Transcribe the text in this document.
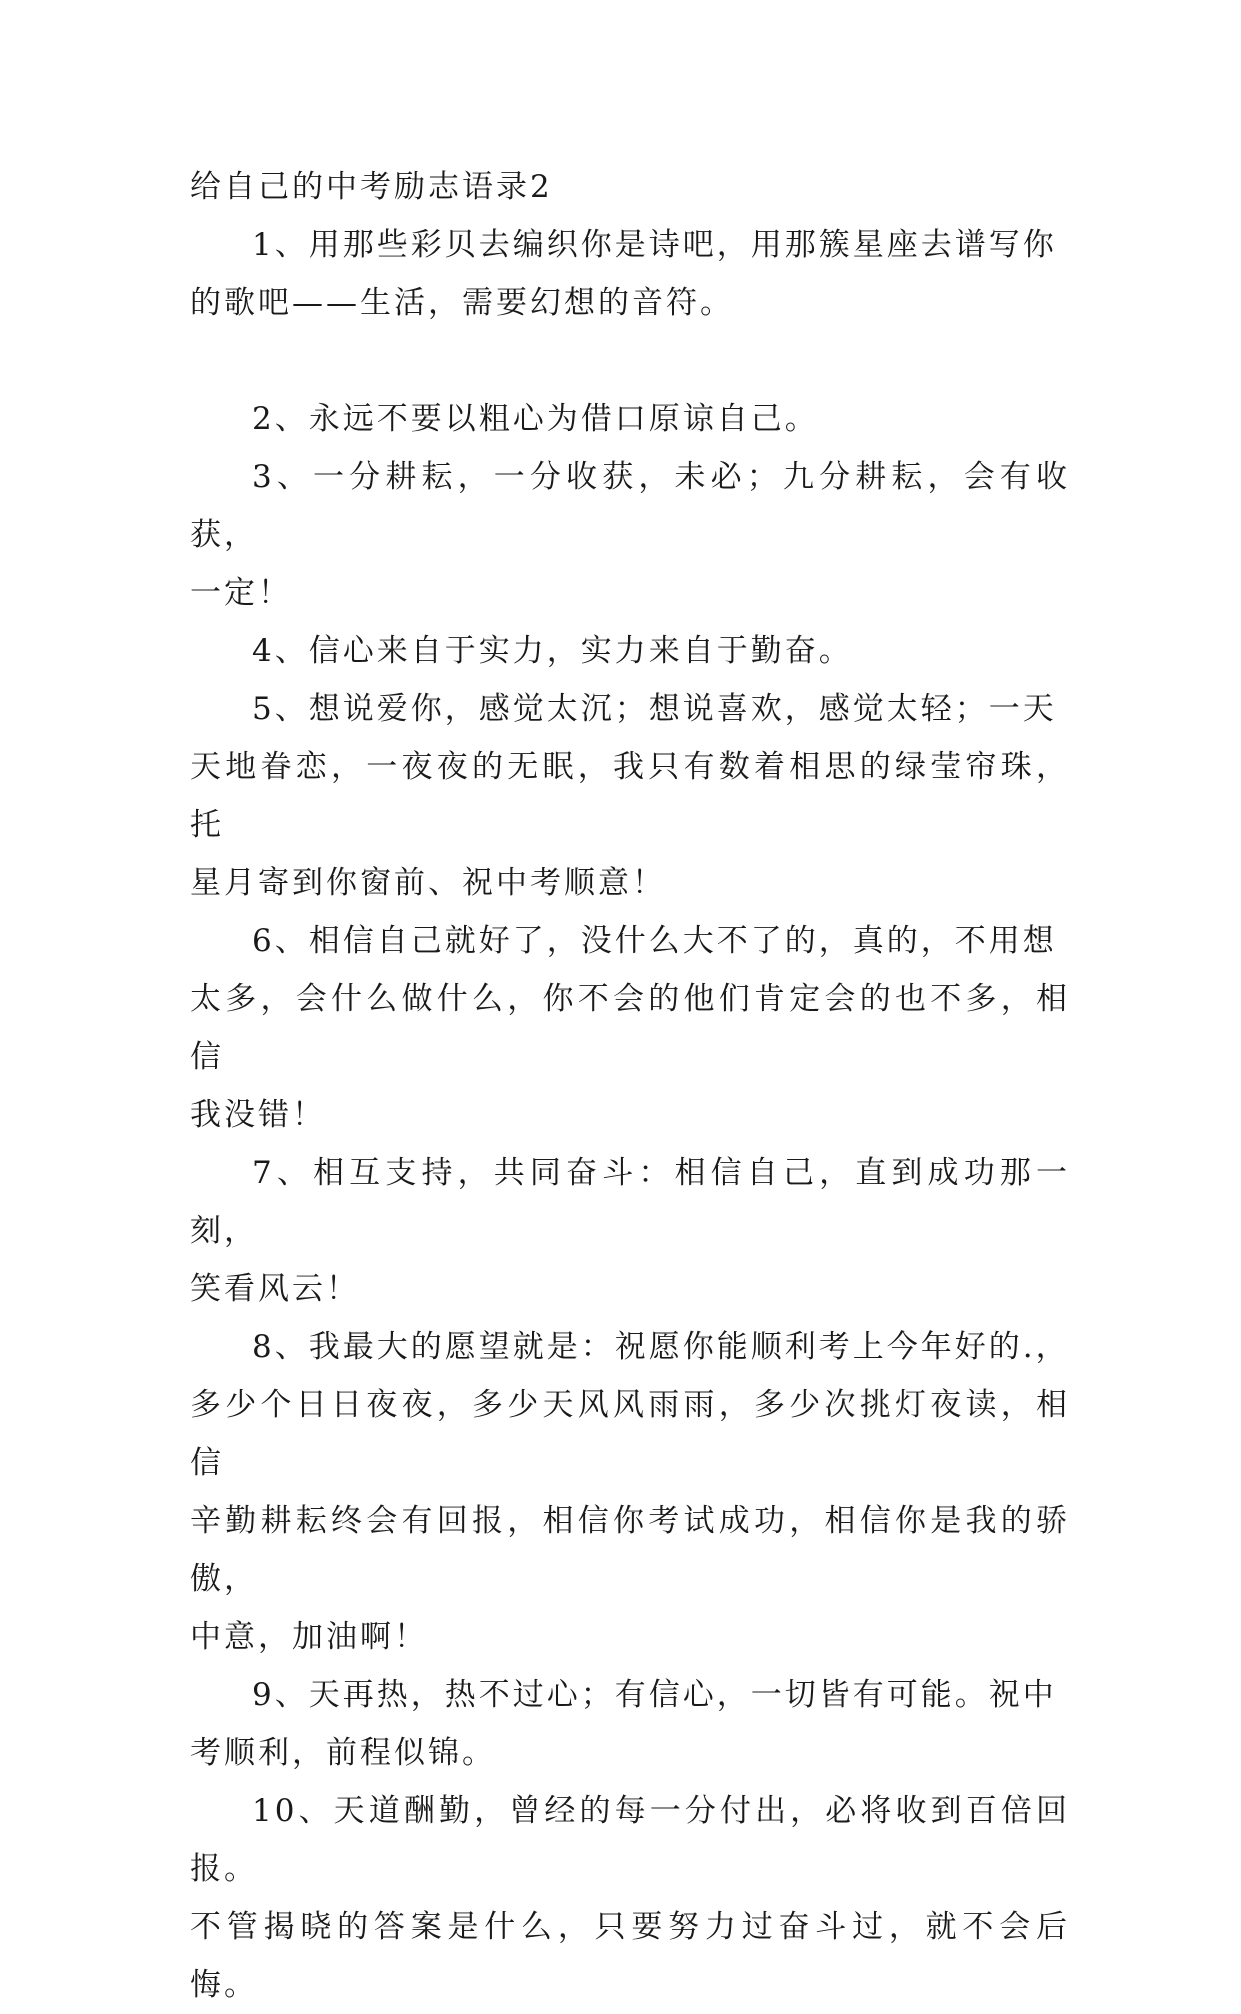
给自己的中考励志语录2

1、用那些彩贝去编织你是诗吧，用那簇星座去谱写你
的歌吧——生活，需要幻想的音符。

2、永远不要以粗心为借口原谅自己。

3、一分耕耘，一分收获，未必；九分耕耘，会有收获，
一定！

4、信心来自于实力，实力来自于勤奋。

5、想说爱你，感觉太沉；想说喜欢，感觉太轻；一天
天地眷恋，一夜夜的无眠，我只有数着相思的绿莹帘珠，托
星月寄到你窗前、祝中考顺意！

6、相信自己就好了，没什么大不了的，真的，不用想
太多，会什么做什么，你不会的他们肯定会的也不多，相信
我没错！

7、相互支持，共同奋斗：相信自己，直到成功那一刻，
笑看风云！

8、我最大的愿望就是：祝愿你能顺利考上今年好的.，
多少个日日夜夜，多少天风风雨雨，多少次挑灯夜读，相信
辛勤耕耘终会有回报，相信你考试成功，相信你是我的骄傲，
中意，加油啊！

9、天再热，热不过心；有信心，一切皆有可能。祝中
考顺利，前程似锦。

10、天道酬勤，曾经的每一分付出，必将收到百倍回报。
不管揭晓的答案是什么，只要努力过奋斗过，就不会后悔。
